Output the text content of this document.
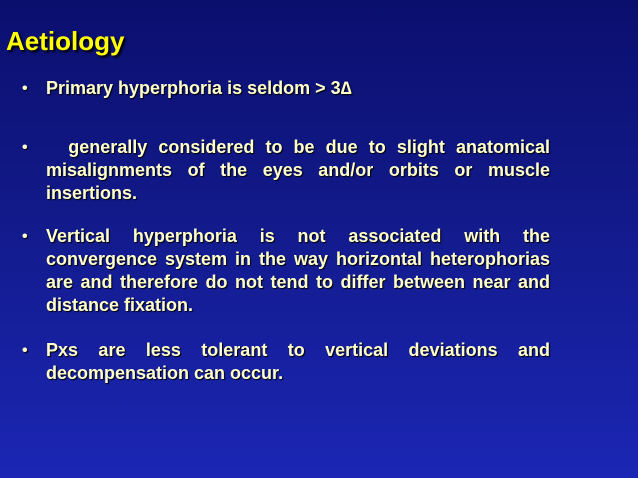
Aetiology
• Primary hyperphoria is seldom > 3∆
• generally considered to be due to slight anatomical misalignments of the eyes and/or orbits or muscle insertions.
• Vertical hyperphoria is not associated with the convergence system in the way horizontal heterophorias are and therefore do not tend to differ between near and distance fixation.
• Pxs are less tolerant to vertical deviations and decompensation can occur.
